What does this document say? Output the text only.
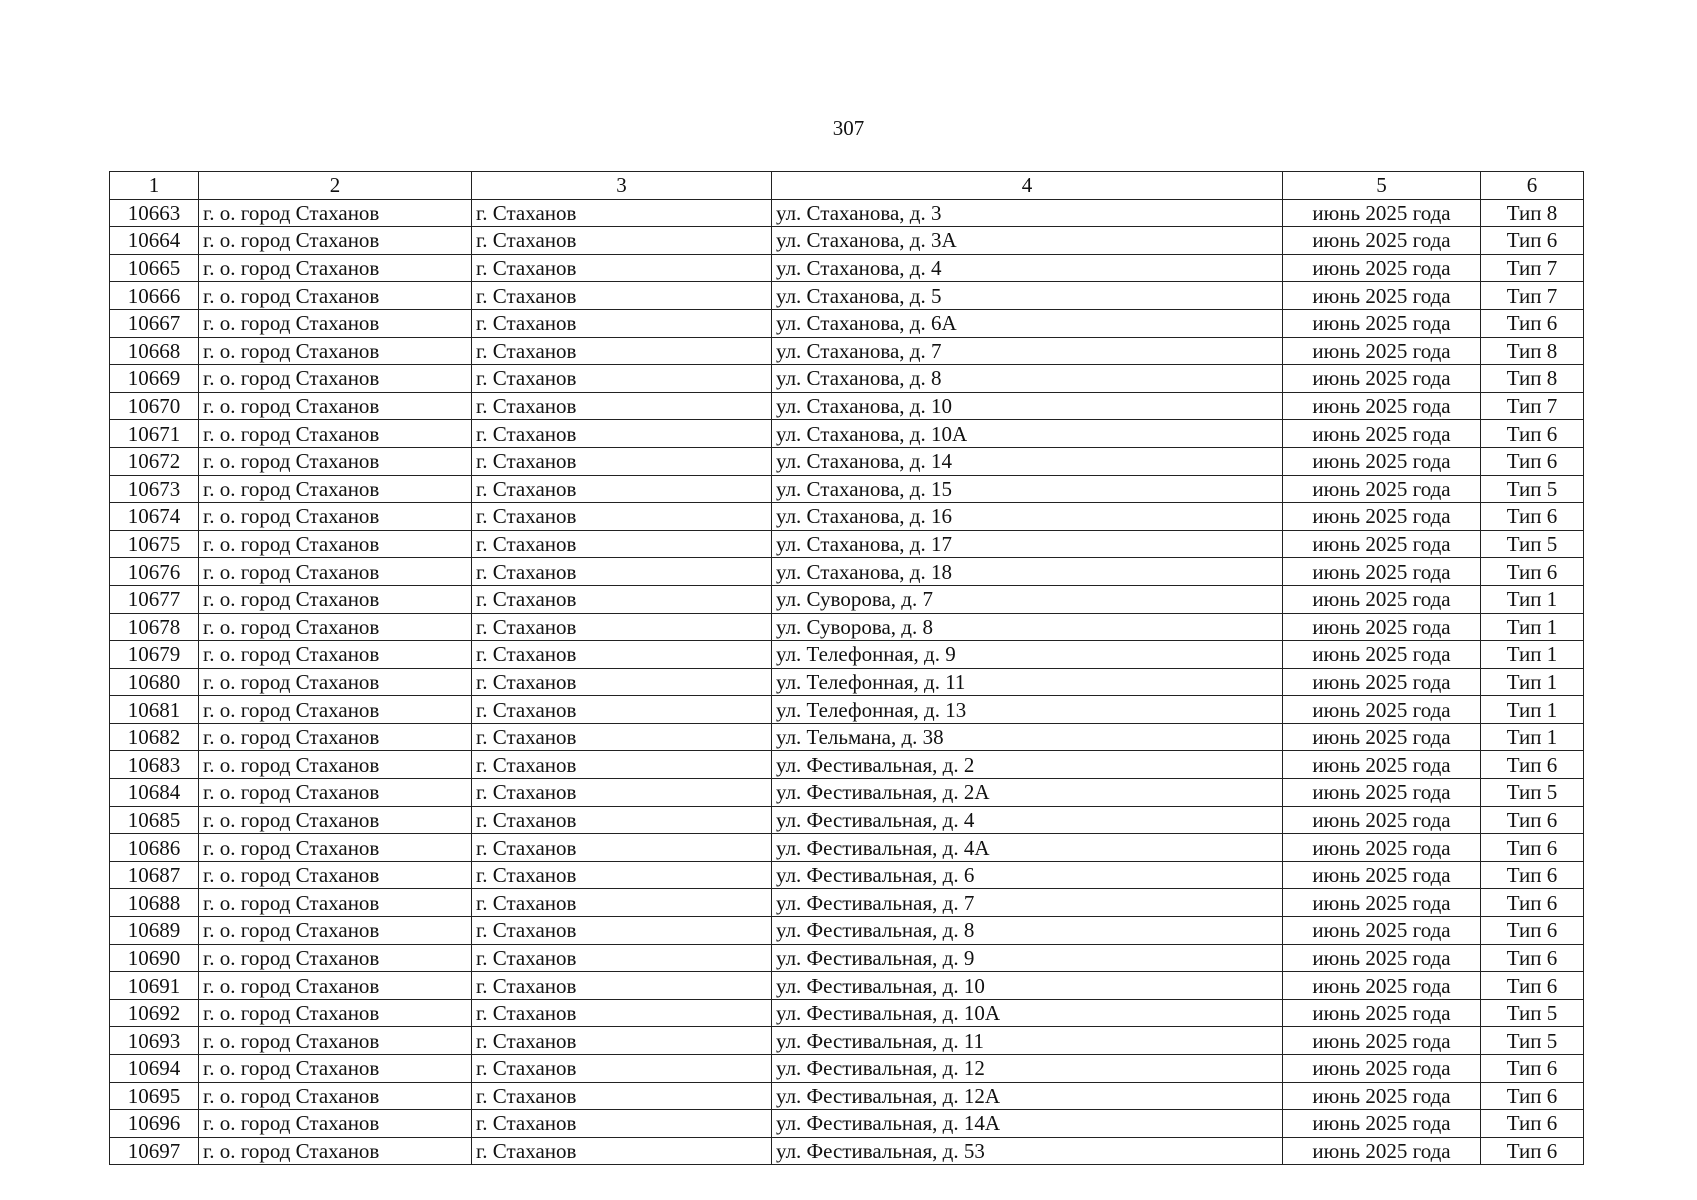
307
1	2	3	4	5	6
10663	г. о. город Стаханов	г. Стаханов	ул. Стаханова, д. 3	июнь 2025 года	Тип 8
10664	г. о. город Стаханов	г. Стаханов	ул. Стаханова, д. 3А	июнь 2025 года	Тип 6
10665	г. о. город Стаханов	г. Стаханов	ул. Стаханова, д. 4	июнь 2025 года	Тип 7
10666	г. о. город Стаханов	г. Стаханов	ул. Стаханова, д. 5	июнь 2025 года	Тип 7
10667	г. о. город Стаханов	г. Стаханов	ул. Стаханова, д. 6А	июнь 2025 года	Тип 6
10668	г. о. город Стаханов	г. Стаханов	ул. Стаханова, д. 7	июнь 2025 года	Тип 8
10669	г. о. город Стаханов	г. Стаханов	ул. Стаханова, д. 8	июнь 2025 года	Тип 8
10670	г. о. город Стаханов	г. Стаханов	ул. Стаханова, д. 10	июнь 2025 года	Тип 7
10671	г. о. город Стаханов	г. Стаханов	ул. Стаханова, д. 10А	июнь 2025 года	Тип 6
10672	г. о. город Стаханов	г. Стаханов	ул. Стаханова, д. 14	июнь 2025 года	Тип 6
10673	г. о. город Стаханов	г. Стаханов	ул. Стаханова, д. 15	июнь 2025 года	Тип 5
10674	г. о. город Стаханов	г. Стаханов	ул. Стаханова, д. 16	июнь 2025 года	Тип 6
10675	г. о. город Стаханов	г. Стаханов	ул. Стаханова, д. 17	июнь 2025 года	Тип 5
10676	г. о. город Стаханов	г. Стаханов	ул. Стаханова, д. 18	июнь 2025 года	Тип 6
10677	г. о. город Стаханов	г. Стаханов	ул. Суворова, д. 7	июнь 2025 года	Тип 1
10678	г. о. город Стаханов	г. Стаханов	ул. Суворова, д. 8	июнь 2025 года	Тип 1
10679	г. о. город Стаханов	г. Стаханов	ул. Телефонная, д. 9	июнь 2025 года	Тип 1
10680	г. о. город Стаханов	г. Стаханов	ул. Телефонная, д. 11	июнь 2025 года	Тип 1
10681	г. о. город Стаханов	г. Стаханов	ул. Телефонная, д. 13	июнь 2025 года	Тип 1
10682	г. о. город Стаханов	г. Стаханов	ул. Тельмана, д. 38	июнь 2025 года	Тип 1
10683	г. о. город Стаханов	г. Стаханов	ул. Фестивальная, д. 2	июнь 2025 года	Тип 6
10684	г. о. город Стаханов	г. Стаханов	ул. Фестивальная, д. 2А	июнь 2025 года	Тип 5
10685	г. о. город Стаханов	г. Стаханов	ул. Фестивальная, д. 4	июнь 2025 года	Тип 6
10686	г. о. город Стаханов	г. Стаханов	ул. Фестивальная, д. 4А	июнь 2025 года	Тип 6
10687	г. о. город Стаханов	г. Стаханов	ул. Фестивальная, д. 6	июнь 2025 года	Тип 6
10688	г. о. город Стаханов	г. Стаханов	ул. Фестивальная, д. 7	июнь 2025 года	Тип 6
10689	г. о. город Стаханов	г. Стаханов	ул. Фестивальная, д. 8	июнь 2025 года	Тип 6
10690	г. о. город Стаханов	г. Стаханов	ул. Фестивальная, д. 9	июнь 2025 года	Тип 6
10691	г. о. город Стаханов	г. Стаханов	ул. Фестивальная, д. 10	июнь 2025 года	Тип 6
10692	г. о. город Стаханов	г. Стаханов	ул. Фестивальная, д. 10А	июнь 2025 года	Тип 5
10693	г. о. город Стаханов	г. Стаханов	ул. Фестивальная, д. 11	июнь 2025 года	Тип 5
10694	г. о. город Стаханов	г. Стаханов	ул. Фестивальная, д. 12	июнь 2025 года	Тип 6
10695	г. о. город Стаханов	г. Стаханов	ул. Фестивальная, д. 12А	июнь 2025 года	Тип 6
10696	г. о. город Стаханов	г. Стаханов	ул. Фестивальная, д. 14А	июнь 2025 года	Тип 6
10697	г. о. город Стаханов	г. Стаханов	ул. Фестивальная, д. 53	июнь 2025 года	Тип 6
